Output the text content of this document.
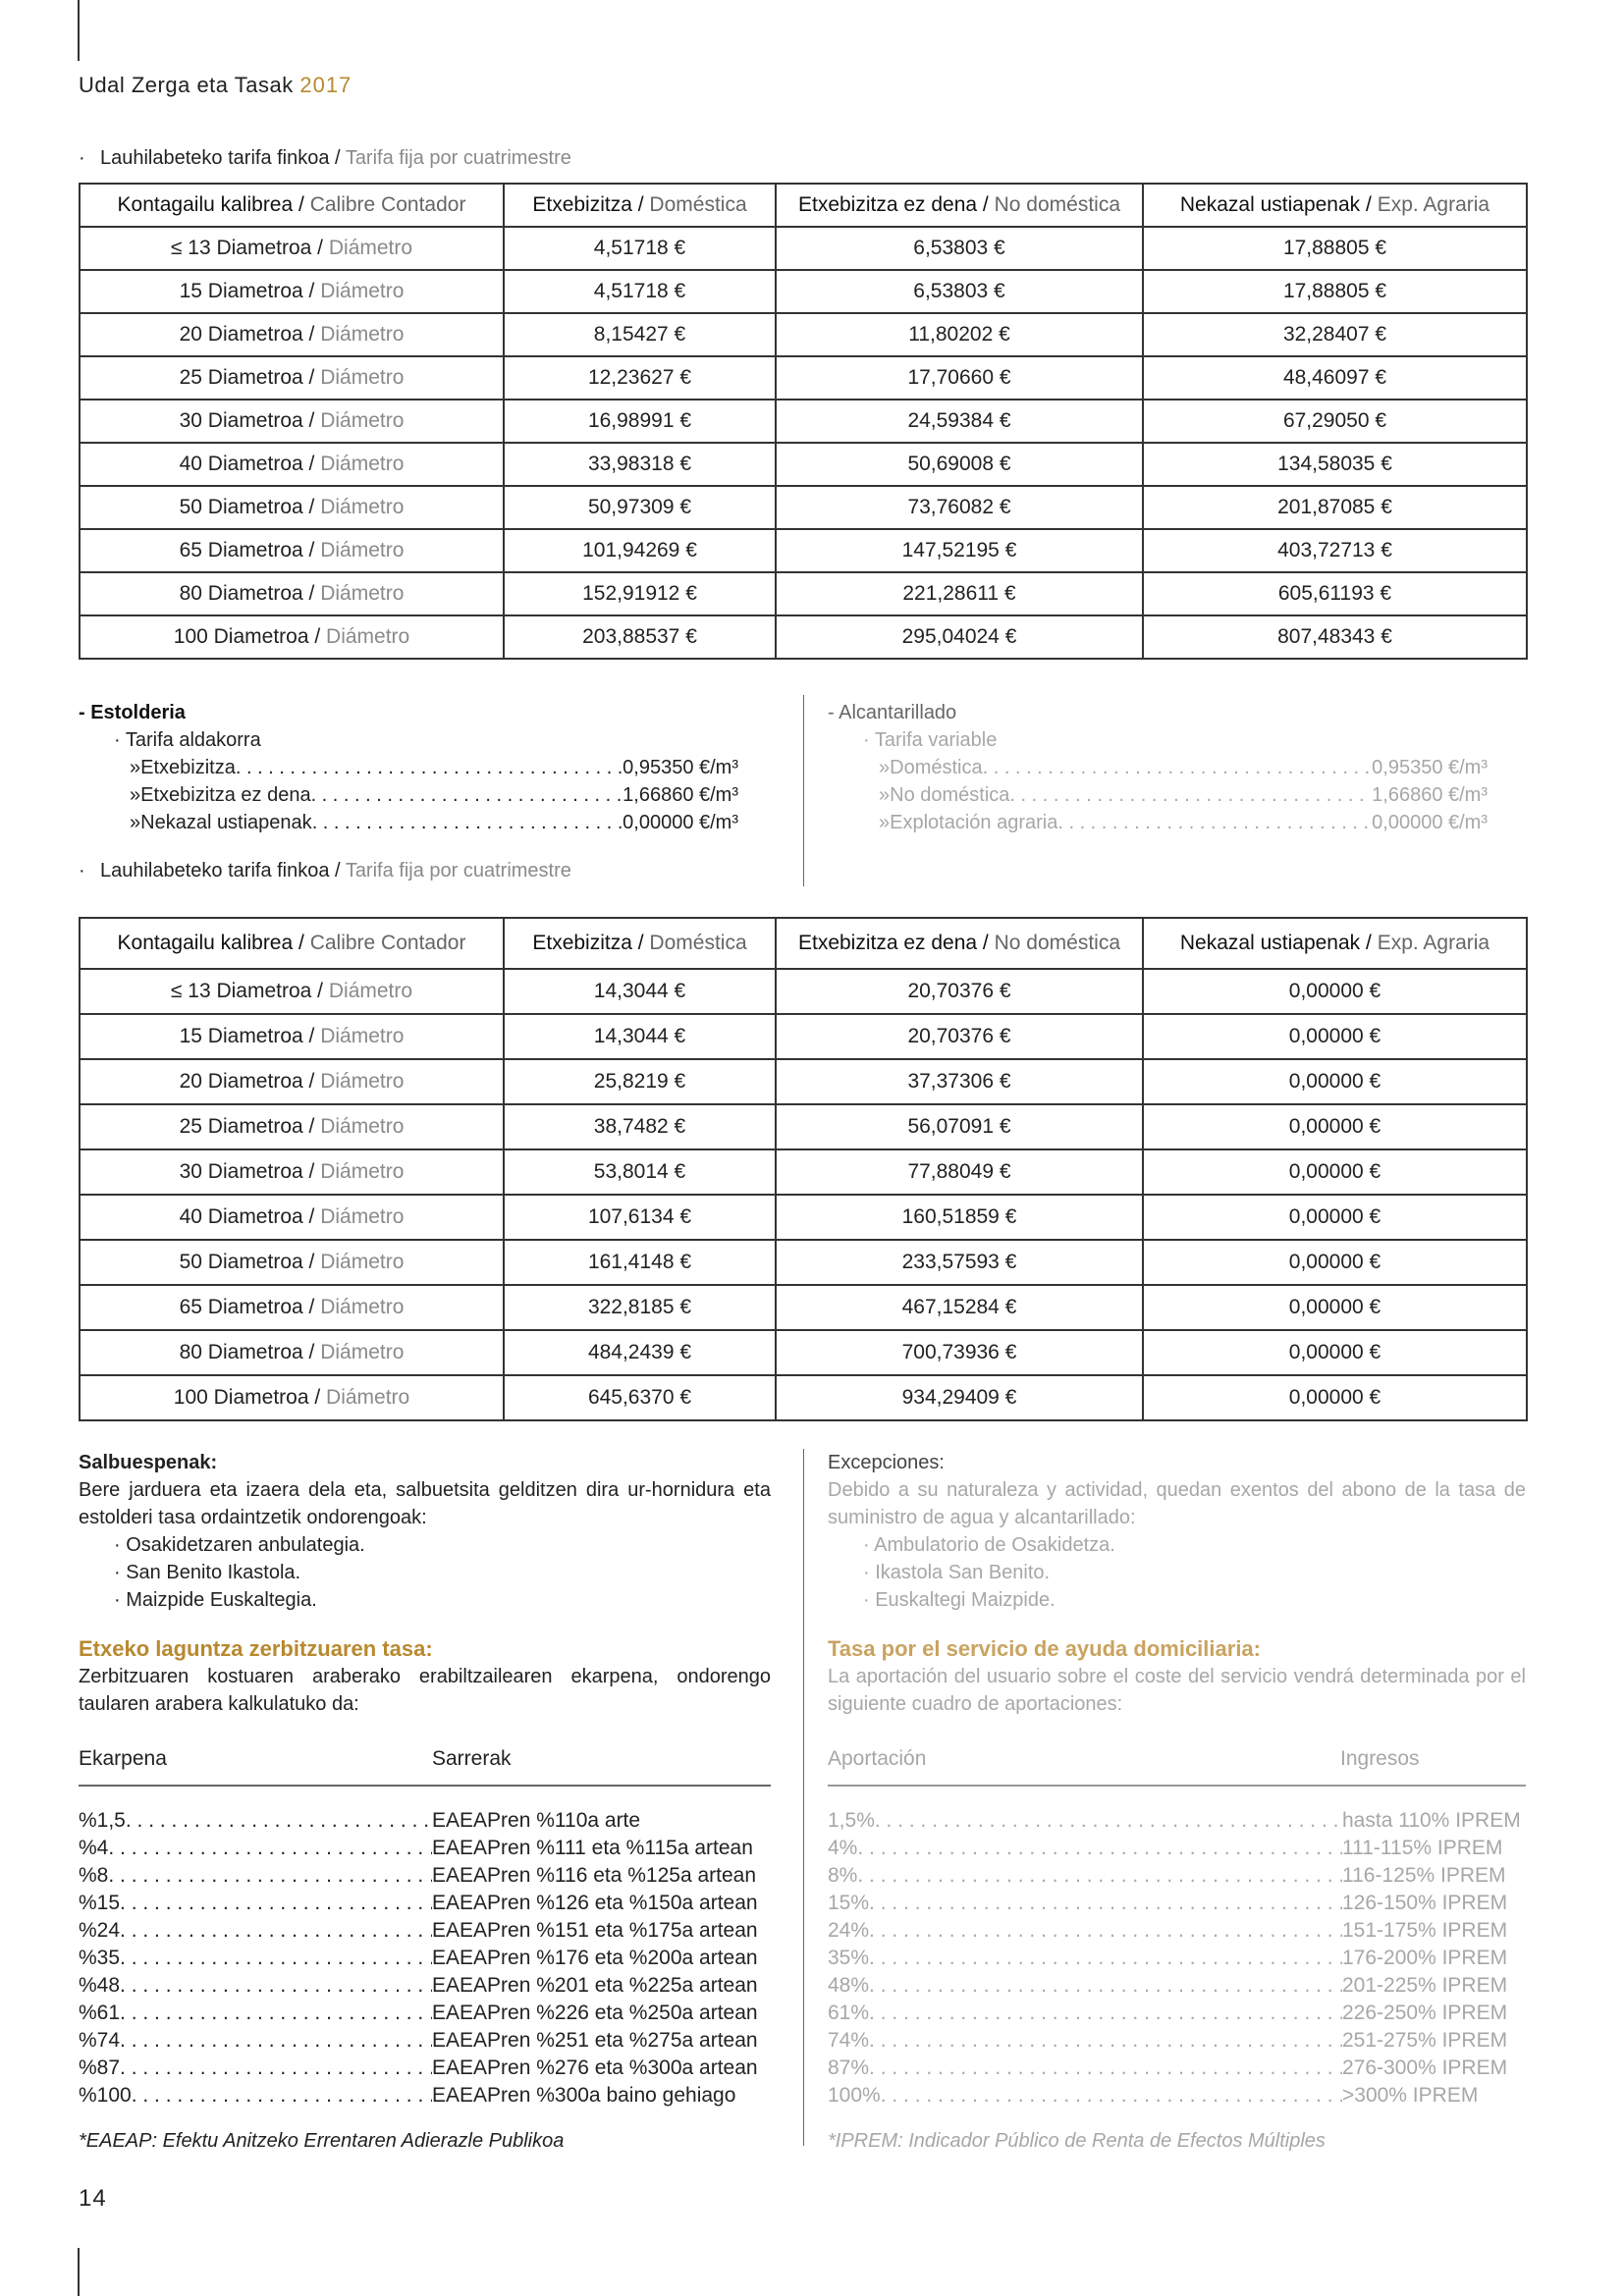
Udal Zerga eta Tasak 2017
· Lauhilabeteko tarifa finkoa / Tarifa fija por cuatrimestre
Kontagailu kalibrea / Calibre Contador	Etxebizitza / Doméstica	Etxebizitza ez dena / No doméstica	Nekazal ustiapenak / Exp. Agraria
≤ 13 Diametroa / Diámetro	4,51718 €	6,53803 €	17,88805 €
15 Diametroa / Diámetro	4,51718 €	6,53803 €	17,88805 €
20 Diametroa / Diámetro	8,15427 €	11,80202 €	32,28407 €
25 Diametroa / Diámetro	12,23627 €	17,70660 €	48,46097 €
30 Diametroa / Diámetro	16,98991 €	24,59384 €	67,29050 €
40 Diametroa / Diámetro	33,98318 €	50,69008 €	134,58035 €
50 Diametroa / Diámetro	50,97309 €	73,76082 €	201,87085 €
65 Diametroa / Diámetro	101,94269 €	147,52195 €	403,72713 €
80 Diametroa / Diámetro	152,91912 €	221,28611 €	605,61193 €
100 Diametroa / Diámetro	203,88537 €	295,04024 €	807,48343 €
- Estolderia
· Tarifa aldakorra
» Etxebizitza . . .	0,95350 €/m³
» Etxebizitza ez dena . . .	1,66860 €/m³
» Nekazal ustiapenak . . .	0,00000 €/m³
- Alcantarillado
· Tarifa variable
» Doméstica . . .	0,95350 €/m³
» No doméstica . . .	1,66860 €/m³
» Explotación agraria . . .	0,00000 €/m³
· Lauhilabeteko tarifa finkoa / Tarifa fija por cuatrimestre
Kontagailu kalibrea / Calibre Contador	Etxebizitza / Doméstica	Etxebizitza ez dena / No doméstica	Nekazal ustiapenak / Exp. Agraria
≤ 13 Diametroa / Diámetro	14,3044 €	20,70376 €	0,00000 €
15 Diametroa / Diámetro	14,3044 €	20,70376 €	0,00000 €
20 Diametroa / Diámetro	25,8219 €	37,37306 €	0,00000 €
25 Diametroa / Diámetro	38,7482 €	56,07091 €	0,00000 €
30 Diametroa / Diámetro	53,8014 €	77,88049 €	0,00000 €
40 Diametroa / Diámetro	107,6134 €	160,51859 €	0,00000 €
50 Diametroa / Diámetro	161,4148 €	233,57593 €	0,00000 €
65 Diametroa / Diámetro	322,8185 €	467,15284 €	0,00000 €
80 Diametroa / Diámetro	484,2439 €	700,73936 €	0,00000 €
100 Diametroa / Diámetro	645,6370 €	934,29409 €	0,00000 €
Salbuespenak:
Bere jarduera eta izaera dela eta, salbuetsita gelditzen dira ur-hornidura eta estolderi tasa ordaintzetik ondorengoak:
· Osakidetzaren anbulategia.
· San Benito Ikastola.
· Maizpide Euskaltegia.
Excepciones:
Debido a su naturaleza y actividad, quedan exentos del abono de la tasa de suministro de agua y alcantarillado:
· Ambulatorio de Osakidetza.
· Ikastola San Benito.
· Euskaltegi Maizpide.
Etxeko laguntza zerbitzuaren tasa:
Zerbitzuaren kostuaren araberako erabiltzailearen ekarpena, ondorengo taularen arabera kalkulatuko da:
Tasa por el servicio de ayuda domiciliaria:
La aportación del usuario sobre el coste del servicio vendrá determinada por el siguiente cuadro de aportaciones:
Ekarpena	Sarrerak	Aportación	Ingresos
%1,5 . . .	EAEAPren %110a arte
%4 . . .	EAEAPren %111 eta %115a artean
%8 . . .	EAEAPren %116 eta %125a artean
%15 . . .	EAEAPren %126 eta %150a artean
%24 . . .	EAEAPren %151 eta %175a artean
%35 . . .	EAEAPren %176 eta %200a artean
%48 . . .	EAEAPren %201 eta %225a artean
%61 . . .	EAEAPren %226 eta %250a artean
%74 . . .	EAEAPren %251 eta %275a artean
%87 . . .	EAEAPren %276 eta %300a artean
%100 . . .	EAEAPren %300a baino gehiago
1,5% . . .	hasta 110% IPREM
4% . . .	111-115% IPREM
8% . . .	116-125% IPREM
15% . . .	126-150% IPREM
24% . . .	151-175% IPREM
35% . . .	176-200% IPREM
48% . . .	201-225% IPREM
61% . . .	226-250% IPREM
74% . . .	251-275% IPREM
87% . . .	276-300% IPREM
100% . . .	>300% IPREM
*EAEAP: Efektu Anitzeko Errentaren Adierazle Publikoa	*IPREM: Indicador Público de Renta de Efectos Múltiples
14
